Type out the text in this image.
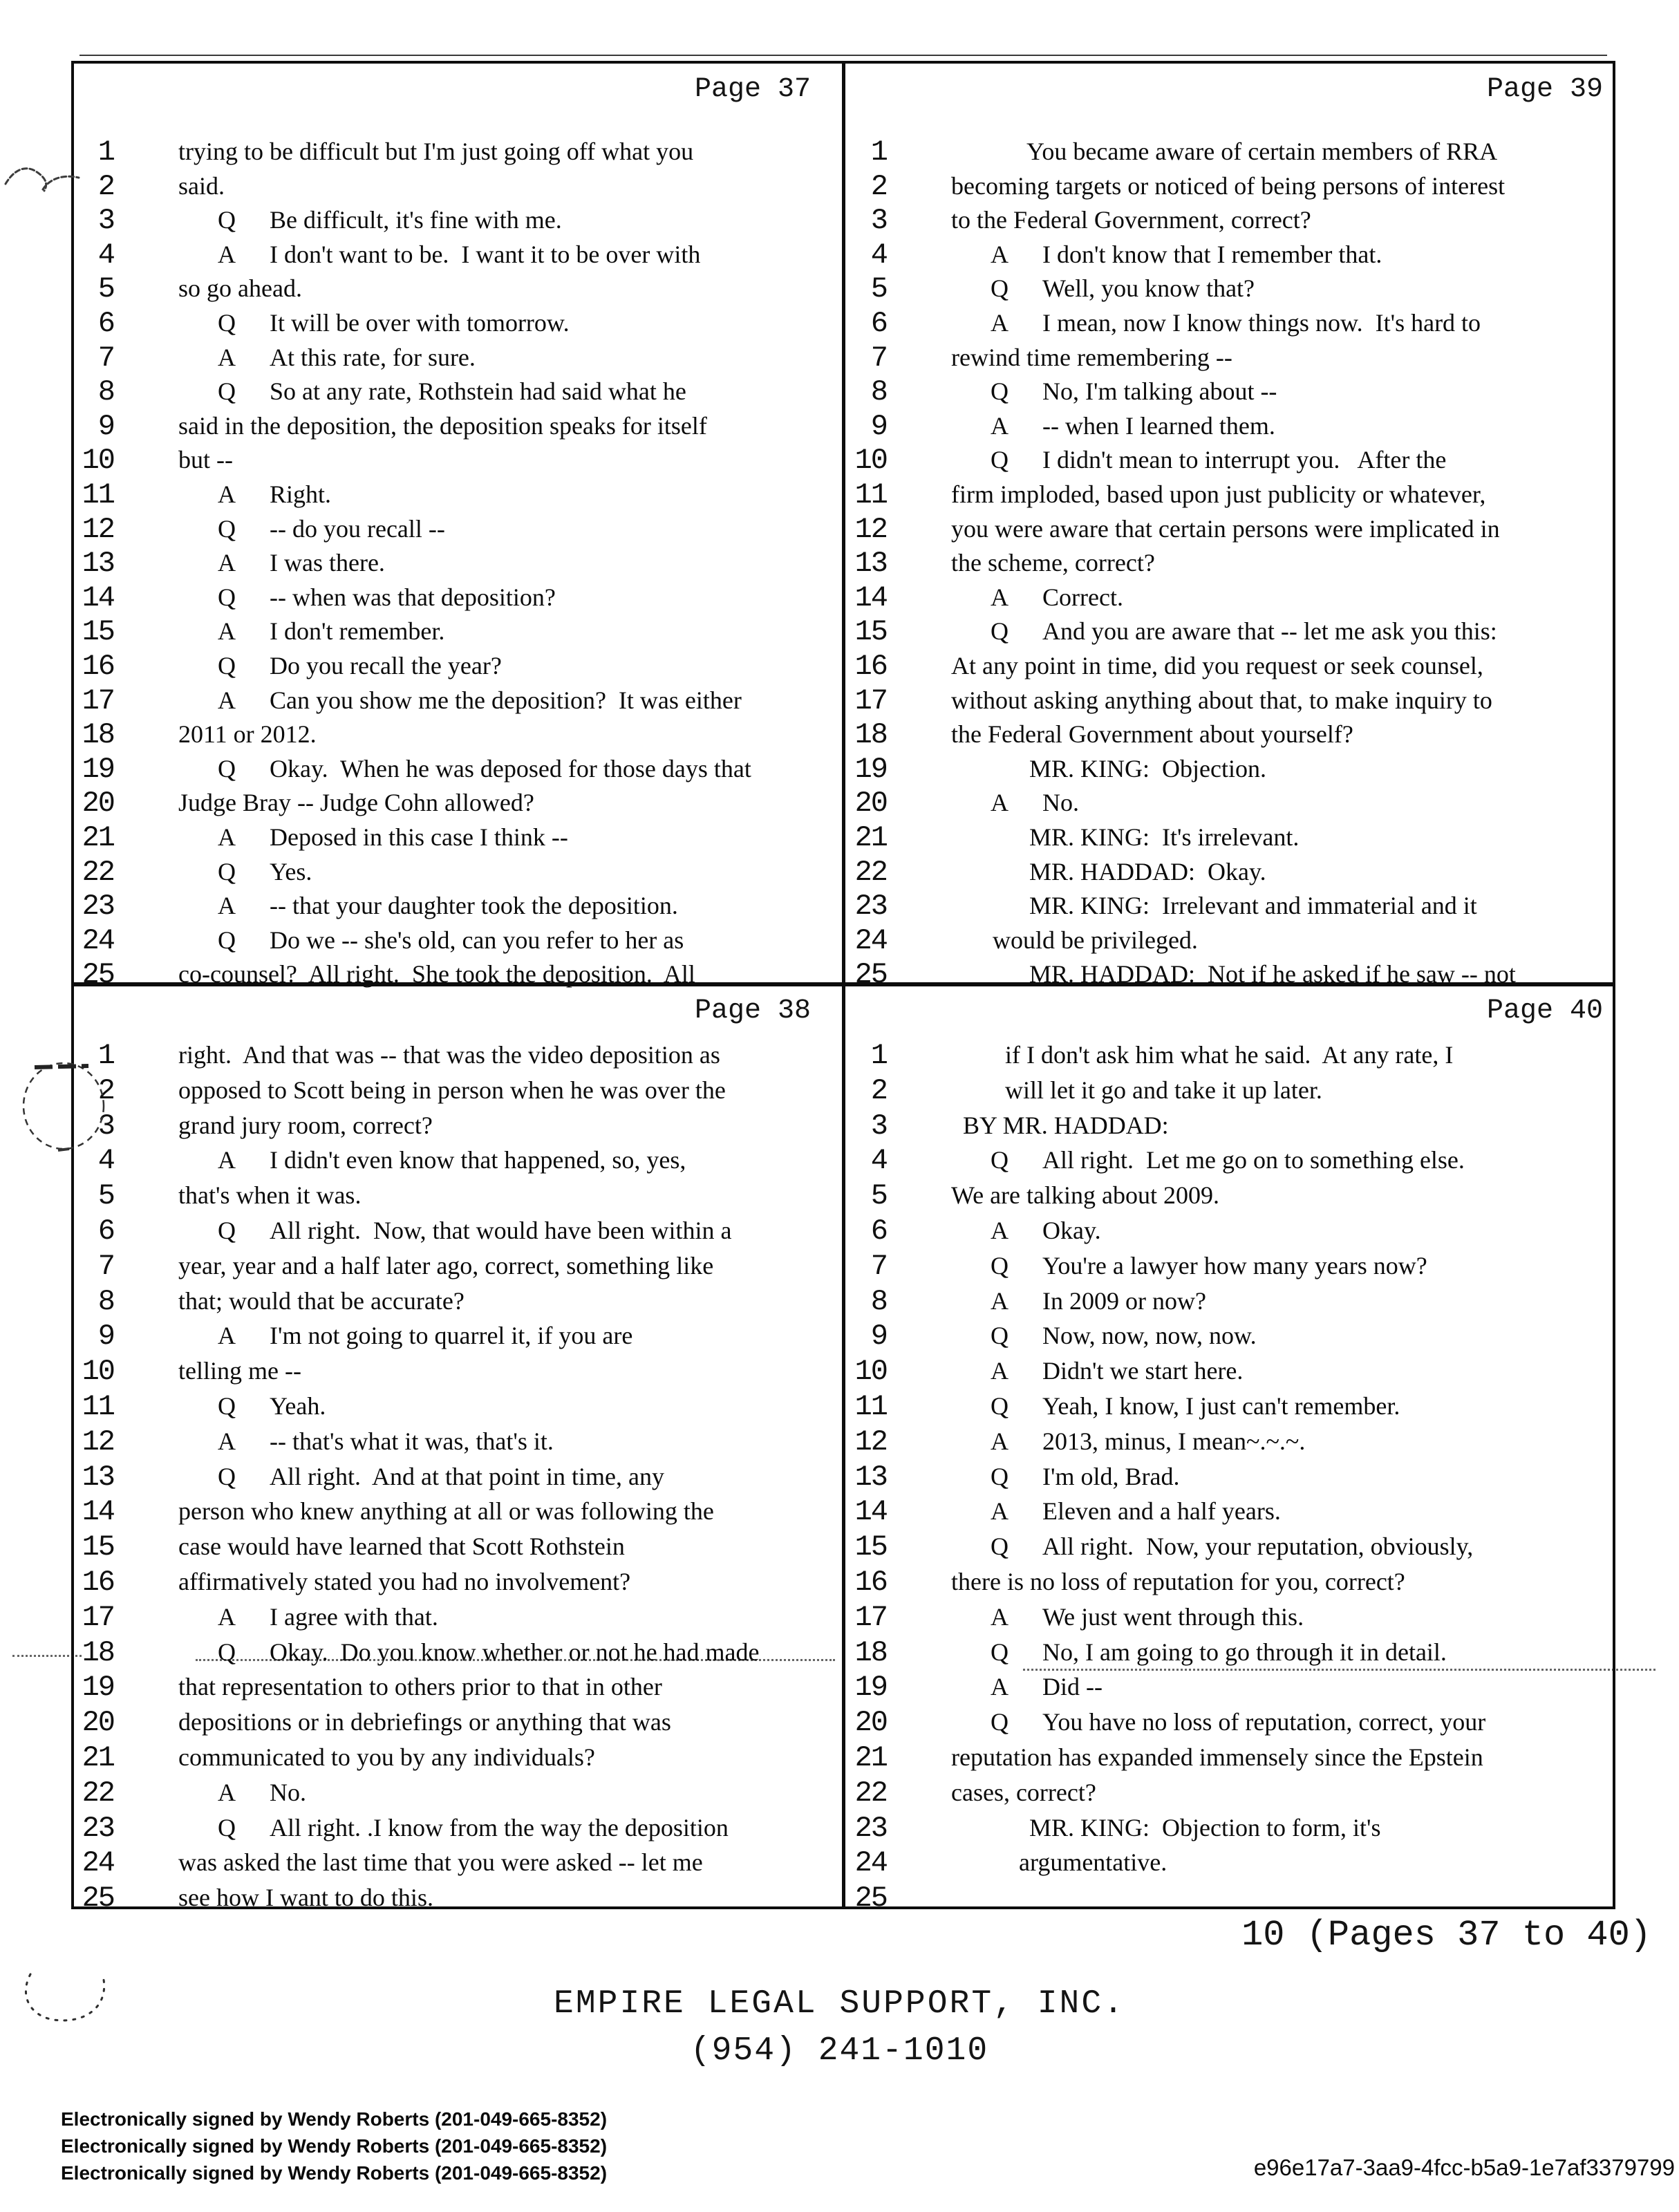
Page 37
1	trying to be difficult but I'm just going off what you
2	said.
3	Q Be difficult, it's fine with me.
4	A I don't want to be.  I want it to be over with
5	so go ahead.
6	Q It will be over with tomorrow.
7	A At this rate, for sure.
8	Q So at any rate, Rothstein had said what he
9	said in the deposition, the deposition speaks for itself
10	but --
11	A Right.
12	Q -- do you recall --
13	A I was there.
14	Q -- when was that deposition?
15	A I don't remember.
16	Q Do you recall the year?
17	A Can you show me the deposition?  It was either
18	2011 or 2012.
19	Q Okay.  When he was deposed for those days that
20	Judge Bray -- Judge Cohn allowed?
21	A Deposed in this case I think --
22	Q Yes.
23	A -- that your daughter took the deposition.
24	Q Do we -- she's old, can you refer to her as
25	co-counsel?  All right.  She took the deposition.  All
Page 39
1	You became aware of certain members of RRA
2	becoming targets or noticed of being persons of interest
3	to the Federal Government, correct?
4	A I don't know that I remember that.
5	Q Well, you know that?
6	A I mean, now I know things now.  It's hard to
7	rewind time remembering --
8	Q No, I'm talking about --
9	A -- when I learned them.
10	Q I didn't mean to interrupt you.   After the
11	firm imploded, based upon just publicity or whatever,
12	you were aware that certain persons were implicated in
13	the scheme, correct?
14	A Correct.
15	Q And you are aware that -- let me ask you this:
16	At any point in time, did you request or seek counsel,
17	without asking anything about that, to make inquiry to
18	the Federal Government about yourself?
19	MR. KING:  Objection.
20	A No.
21	MR. KING:  It's irrelevant.
22	MR. HADDAD:  Okay.
23	MR. KING:  Irrelevant and immaterial and it
24	would be privileged.
25	MR. HADDAD:  Not if he asked if he saw -- not
Page 38
1	right.  And that was -- that was the video deposition as
2	opposed to Scott being in person when he was over the
3	grand jury room, correct?
4	A I didn't even know that happened, so, yes,
5	that's when it was.
6	Q All right.  Now, that would have been within a
7	year, year and a half later ago, correct, something like
8	that; would that be accurate?
9	A I'm not going to quarrel it, if you are
10	telling me --
11	Q Yeah.
12	A -- that's what it was, that's it.
13	Q All right.  And at that point in time, any
14	person who knew anything at all or was following the
15	case would have learned that Scott Rothstein
16	affirmatively stated you had no involvement?
17	A I agree with that.
18	Q Okay.  Do you know whether or not he had made
19	that representation to others prior to that in other
20	depositions or in debriefings or anything that was
21	communicated to you by any individuals?
22	A No.
23	Q All right. .I know from the way the deposition
24	was asked the last time that you were asked -- let me
25	see how I want to do this.
Page 40
1	if I don't ask him what he said.  At any rate, I
2	will let it go and take it up later.
3	BY MR. HADDAD:
4	Q All right.  Let me go on to something else.
5	We are talking about 2009.
6	A Okay.
7	Q You're a lawyer how many years now?
8	A In 2009 or now?
9	Q Now, now, now, now.
10	A Didn't we start here.
11	Q Yeah, I know, I just can't remember.
12	A 2013, minus, I mean~.~.~.
13	Q I'm old, Brad.
14	A Eleven and a half years.
15	Q All right.  Now, your reputation, obviously,
16	there is no loss of reputation for you, correct?
17	A We just went through this.
18	Q No, I am going to go through it in detail.
19	A Did --
20	Q You have no loss of reputation, correct, your
21	reputation has expanded immensely since the Epstein
22	cases, correct?
23	MR. KING:  Objection to form, it's
24	argumentative.
25
10 (Pages 37 to 40)
EMPIRE LEGAL SUPPORT, INC.
(954) 241-1010
Electronically signed by Wendy Roberts (201-049-665-8352)
Electronically signed by Wendy Roberts (201-049-665-8352)
Electronically signed by Wendy Roberts (201-049-665-8352)	e96e17a7-3aa9-4fcc-b5a9-1e7af3379799
